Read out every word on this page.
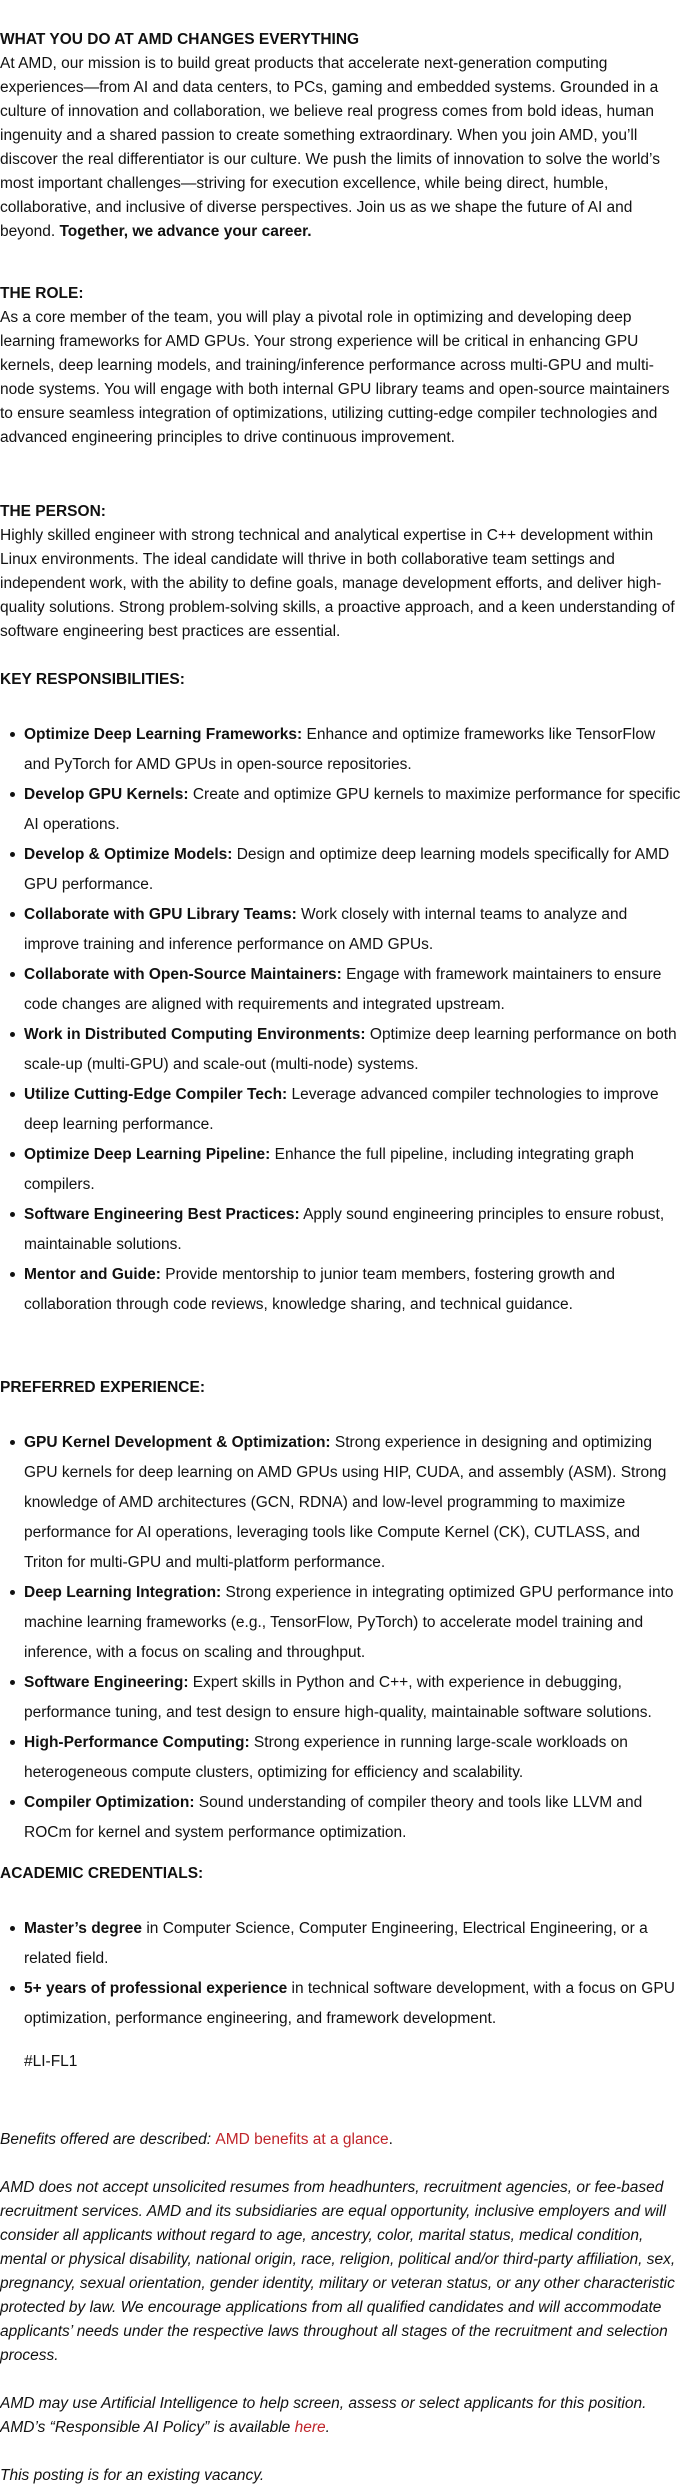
WHAT YOU DO AT AMD CHANGES EVERYTHING

At AMD, our mission is to build great products that accelerate next-generation computing experiences—from AI and data centers, to PCs, gaming and embedded systems. Grounded in a culture of innovation and collaboration, we believe real progress comes from bold ideas, human ingenuity and a shared passion to create something extraordinary. When you join AMD, you’ll discover the real differentiator is our culture. We push the limits of innovation to solve the world’s most important challenges—striving for execution excellence, while being direct, humble, collaborative, and inclusive of diverse perspectives. Join us as we shape the future of AI and beyond. Together, we advance your career.

THE ROLE:

As a core member of the team, you will play a pivotal role in optimizing and developing deep learning frameworks for AMD GPUs. Your strong experience will be critical in enhancing GPU kernels, deep learning models, and training/inference performance across multi-GPU and multi-node systems. You will engage with both internal GPU library teams and open-source maintainers to ensure seamless integration of optimizations, utilizing cutting-edge compiler technologies and advanced engineering principles to drive continuous improvement.

THE PERSON:

Highly skilled engineer with strong technical and analytical expertise in C++ development within Linux environments. The ideal candidate will thrive in both collaborative team settings and independent work, with the ability to define goals, manage development efforts, and deliver high-quality solutions. Strong problem-solving skills, a proactive approach, and a keen understanding of software engineering best practices are essential.

KEY RESPONSIBILITIES:

Optimize Deep Learning Frameworks: Enhance and optimize frameworks like TensorFlow and PyTorch for AMD GPUs in open-source repositories.
Develop GPU Kernels: Create and optimize GPU kernels to maximize performance for specific AI operations.
Develop & Optimize Models: Design and optimize deep learning models specifically for AMD GPU performance.
Collaborate with GPU Library Teams: Work closely with internal teams to analyze and improve training and inference performance on AMD GPUs.
Collaborate with Open-Source Maintainers: Engage with framework maintainers to ensure code changes are aligned with requirements and integrated upstream.
Work in Distributed Computing Environments: Optimize deep learning performance on both scale-up (multi-GPU) and scale-out (multi-node) systems.
Utilize Cutting-Edge Compiler Tech: Leverage advanced compiler technologies to improve deep learning performance.
Optimize Deep Learning Pipeline: Enhance the full pipeline, including integrating graph compilers.
Software Engineering Best Practices: Apply sound engineering principles to ensure robust, maintainable solutions.
Mentor and Guide: Provide mentorship to junior team members, fostering growth and collaboration through code reviews, knowledge sharing, and technical guidance.

PREFERRED EXPERIENCE:

GPU Kernel Development & Optimization: Strong experience in designing and optimizing GPU kernels for deep learning on AMD GPUs using HIP, CUDA, and assembly (ASM). Strong knowledge of AMD architectures (GCN, RDNA) and low-level programming to maximize performance for AI operations, leveraging tools like Compute Kernel (CK), CUTLASS, and Triton for multi-GPU and multi-platform performance.
Deep Learning Integration: Strong experience in integrating optimized GPU performance into machine learning frameworks (e.g., TensorFlow, PyTorch) to accelerate model training and inference, with a focus on scaling and throughput.
Software Engineering: Expert skills in Python and C++, with experience in debugging, performance tuning, and test design to ensure high-quality, maintainable software solutions.
High-Performance Computing: Strong experience in running large-scale workloads on heterogeneous compute clusters, optimizing for efficiency and scalability.
Compiler Optimization: Sound understanding of compiler theory and tools like LLVM and ROCm for kernel and system performance optimization.

ACADEMIC CREDENTIALS:

Master’s degree in Computer Science, Computer Engineering, Electrical Engineering, or a related field.
5+ years of professional experience in technical software development, with a focus on GPU optimization, performance engineering, and framework development.

#LI-FL1

Benefits offered are described: AMD benefits at a glance.

AMD does not accept unsolicited resumes from headhunters, recruitment agencies, or fee-based recruitment services. AMD and its subsidiaries are equal opportunity, inclusive employers and will consider all applicants without regard to age, ancestry, color, marital status, medical condition, mental or physical disability, national origin, race, religion, political and/or third-party affiliation, sex, pregnancy, sexual orientation, gender identity, military or veteran status, or any other characteristic protected by law. We encourage applications from all qualified candidates and will accommodate applicants’ needs under the respective laws throughout all stages of the recruitment and selection process.

AMD may use Artificial Intelligence to help screen, assess or select applicants for this position. AMD’s “Responsible AI Policy” is available here.

This posting is for an existing vacancy.
